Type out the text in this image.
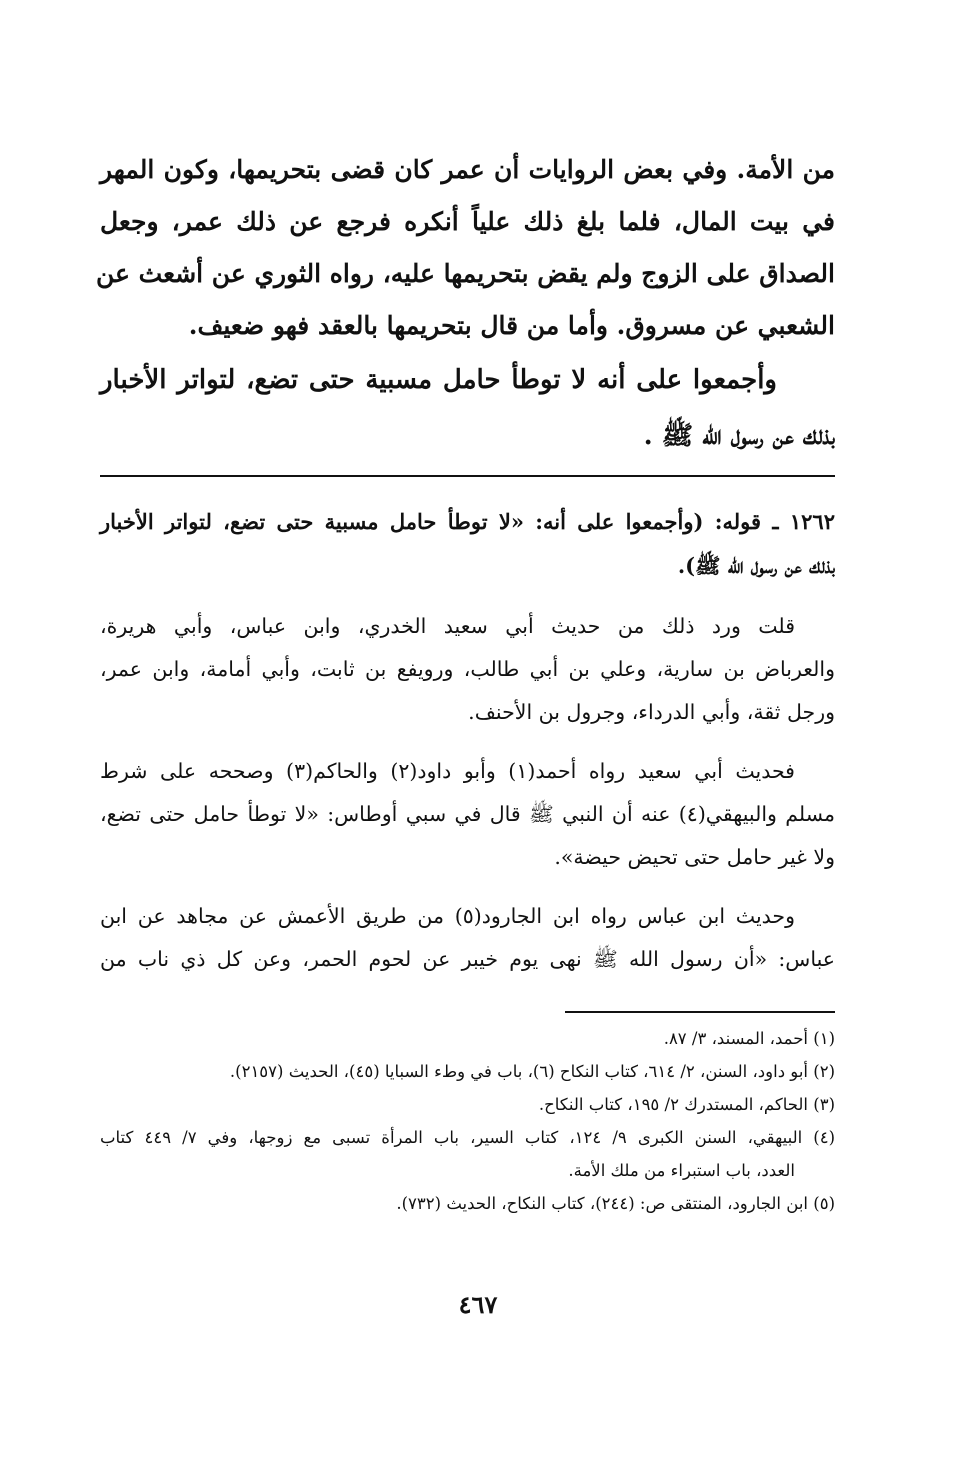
من الأمة. وفي بعض الروايات أن عمر كان قضى بتحريمها، وكون المهر
في بيت المال، فلما بلغ ذلك علياً أنكره فرجع عن ذلك عمر، وجعل
الصداق على الزوج ولم يقض بتحريمها عليه، رواه الثوري عن أشعث عن
الشعبي عن مسروق. وأما من قال بتحريمها بالعقد فهو ضعيف.
وأجمعوا على أنه لا توطأ حامل مسبية حتى تضع، لتواتر الأخبار
بذلك عن رسول الله ﷺ .
١٢٦٢ ـ قوله: (وأجمعوا على أنه: «لا توطأ حامل مسبية حتى تضع، لتواتر الأخبار
بذلك عن رسول الله ﷺ).
قلت ورد ذلك من حديث أبي سعيد الخدري، وابن عباس، وأبي هريرة،
والعرباض بن سارية، وعلي بن أبي طالب، ورويفع بن ثابت، وأبي أمامة، وابن عمر،
ورجل ثقة، وأبي الدرداء، وجرول بن الأحنف.
فحديث أبي سعيد رواه أحمد(١) وأبو داود(٢) والحاكم(٣) وصححه على شرط
مسلم والبيهقي(٤) عنه أن النبي ﷺ قال في سبي أوطاس: «لا توطأ حامل حتى تضع،
ولا غير حامل حتى تحيض حيضة».
وحديث ابن عباس رواه ابن الجارود(٥) من طريق الأعمش عن مجاهد عن ابن
عباس: «أن رسول الله ﷺ نهى يوم خيبر عن لحوم الحمر، وعن كل ذي ناب من
(١) أحمد، المسند، ٣/ ٨٧.
(٢) أبو داود، السنن، ٢/ ٦١٤، كتاب النكاح (٦)، باب في وطء السبايا (٤٥)، الحديث (٢١٥٧).
(٣) الحاكم، المستدرك ٢/ ١٩٥، كتاب النكاح.
(٤) البيهقي، السنن الكبرى ٩/ ١٢٤، كتاب السير، باب المرأة تسبى مع زوجها، وفي ٧/ ٤٤٩ كتاب
العدد، باب استبراء من ملك الأمة.
(٥) ابن الجارود، المنتقى ص: (٢٤٤)، كتاب النكاح، الحديث (٧٣٢).
٤٦٧
